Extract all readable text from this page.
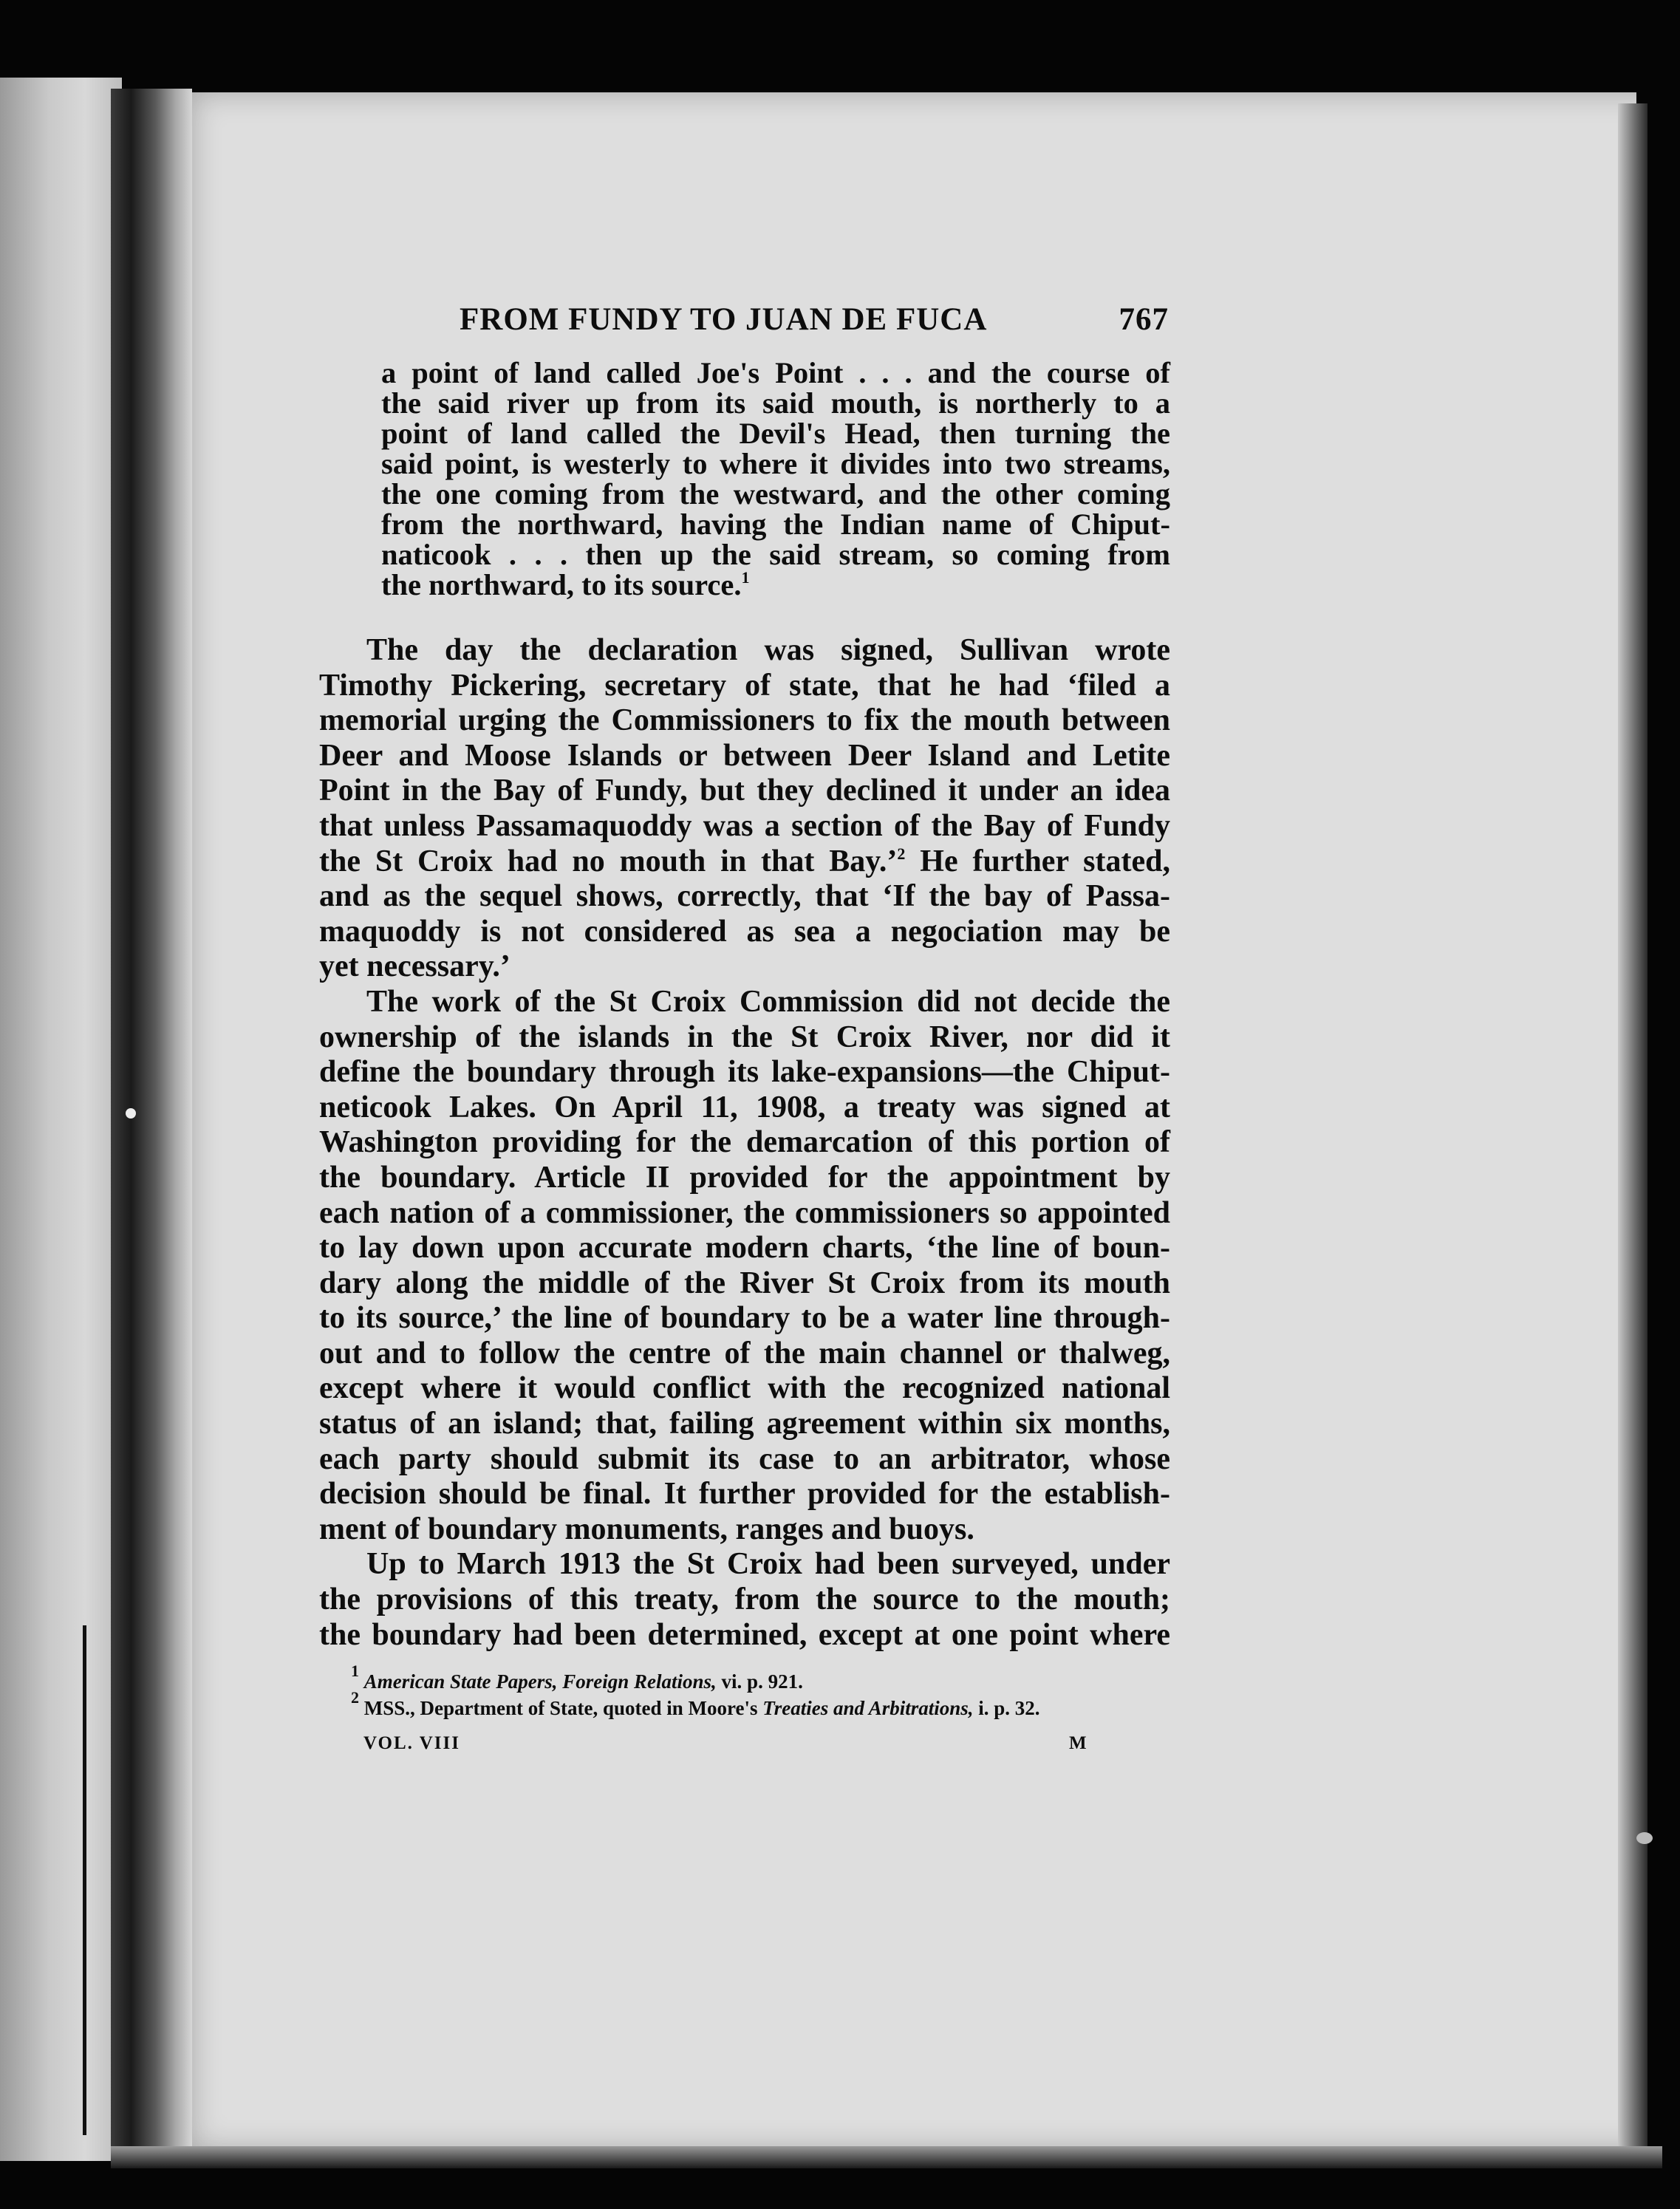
FROM FUNDY TO JUAN DE FUCA	767
a point of land called Joe's Point . . . and the course of
the said river up from its said mouth, is northerly to a
point of land called the Devil's Head, then turning the
said point, is westerly to where it divides into two streams,
the one coming from the westward, and the other coming
from the northward, having the Indian name of Chiput-
naticook . . . then up the said stream, so coming from
the northward, to its source.$^1$
The day the declaration was signed, Sullivan wrote
Timothy Pickering, secretary of state, that he had ‘filed a
memorial urging the Commissioners to fix the mouth between
Deer and Moose Islands or between Deer Island and Letite
Point in the Bay of Fundy, but they declined it under an idea
that unless Passamaquoddy was a section of the Bay of Fundy
the St Croix had no mouth in that Bay.’$^2$ He further stated,
and as the sequel shows, correctly, that ‘If the bay of Passa-
maquoddy is not considered as sea a negociation may be
yet necessary.’
The work of the St Croix Commission did not decide the
ownership of the islands in the St Croix River, nor did it
define the boundary through its lake-expansions—the Chiput-
neticook Lakes. On April 11, 1908, a treaty was signed at
Washington providing for the demarcation of this portion of
the boundary. Article II provided for the appointment by
each nation of a commissioner, the commissioners so appointed
to lay down upon accurate modern charts, ‘the line of boun-
dary along the middle of the River St Croix from its mouth
to its source,’ the line of boundary to be a water line through-
out and to follow the centre of the main channel or thalweg,
except where it would conflict with the recognized national
status of an island; that, failing agreement within six months,
each party should submit its case to an arbitrator, whose
decision should be final. It further provided for the establish-
ment of boundary monuments, ranges and buoys.
Up to March 1913 the St Croix had been surveyed, under
the provisions of this treaty, from the source to the mouth;
the boundary had been determined, except at one point where
$^1$ American State Papers, Foreign Relations, vi. p. 921.
$^2$ MSS., Department of State, quoted in Moore's Treaties and Arbitrations, i. p. 32.
VOL. VIII	M
